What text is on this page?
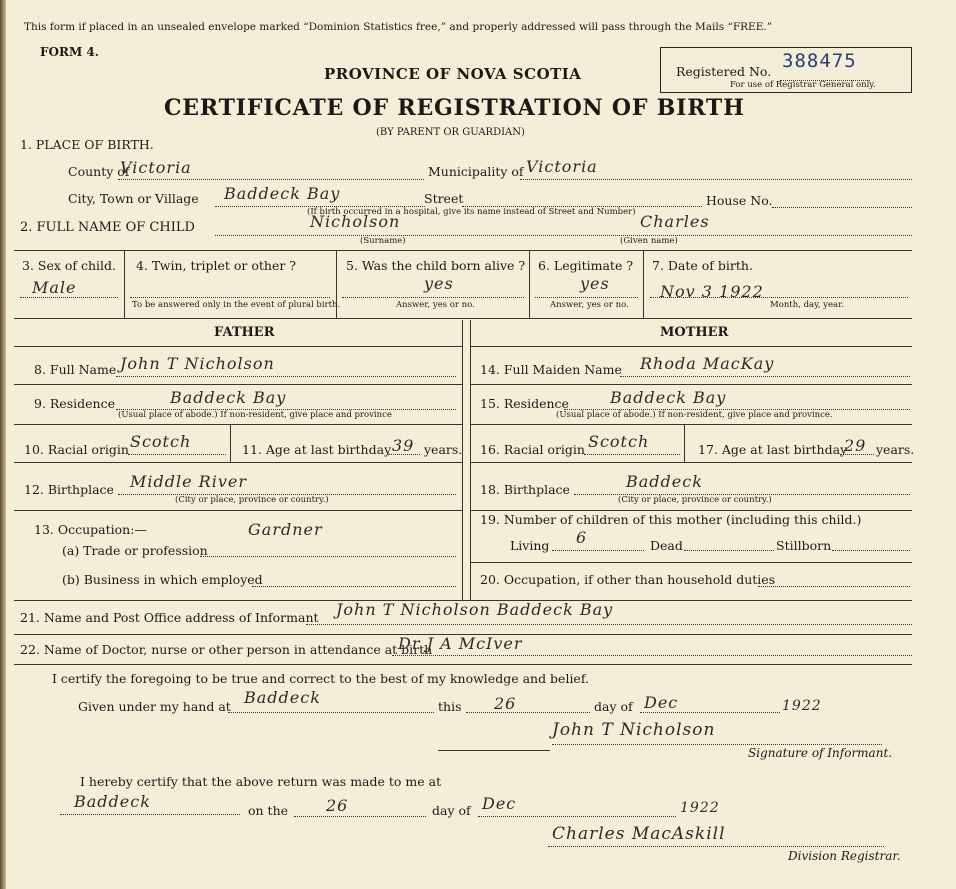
This form if placed in an unsealed envelope marked “Dominion Statistics free,” and properly addressed will pass through the Mails “FREE.”
FORM 4.
Registered No. 388475
For use of Registrar General only.
PROVINCE OF NOVA SCOTIA
CERTIFICATE OF REGISTRATION OF BIRTH
(BY PARENT OR GUARDIAN)
1. PLACE OF BIRTH.
County of
Victoria	Municipality of Victoria
City, Town or Village Baddeck Bay	Street	House No.
(If birth occurred in a hospital, give its name instead of Street and Number)
2. FULL NAME OF CHILD	Nicholson	Charles
(Surname)	(Given name)
3. Sex of child.
Male
4. Twin, triplet or other ?
To be answered only in the event of plural birth.
5. Was the child born alive ?
yes
Answer, yes or no.
6. Legitimate ?
yes
Answer, yes or no.
7. Date of birth.
Nov 3 1922
Month, day, year.
FATHER	MOTHER
8. Full Name John T Nicholson
9. Residence	Baddeck Bay
(Usual place of abode.) If non-resident, give place and province
10. Racial origin Scotch	11. Age at last birthday 39 years.
12. Birthplace Middle River
(City or place, province or country.)
13. Occupation:—	Gardner
(a) Trade or profession
(b) Business in which employed
14. Full Maiden Name Rhoda MacKay
15. Residence	Baddeck Bay
(Usual place of abode.) If non-resident, give place and province.
16. Racial origin Scotch	17. Age at last birthday
29 years.
18. Birthplace	Baddeck
(City or place, province or country.)
19. Number of children of this mother (including this child.)
Living 6	Dead	Stillborn
20. Occupation, if other than household duties
21. Name and Post Office address of Informant John T Nicholson Baddeck Bay
22. Name of Doctor, nurse or other person in attendance at birth
Dr J A McIver
I certify the foregoing to be true and correct to the best of my knowledge and belief.
Given under my hand at Baddeck	this 26	day of Dec	1922
John T Nicholson
Signature of Informant.
I hereby certify that the above return was made to me at
Baddeck	on the 26	day of Dec	1922
Charles MacAskill
Division Registrar.
